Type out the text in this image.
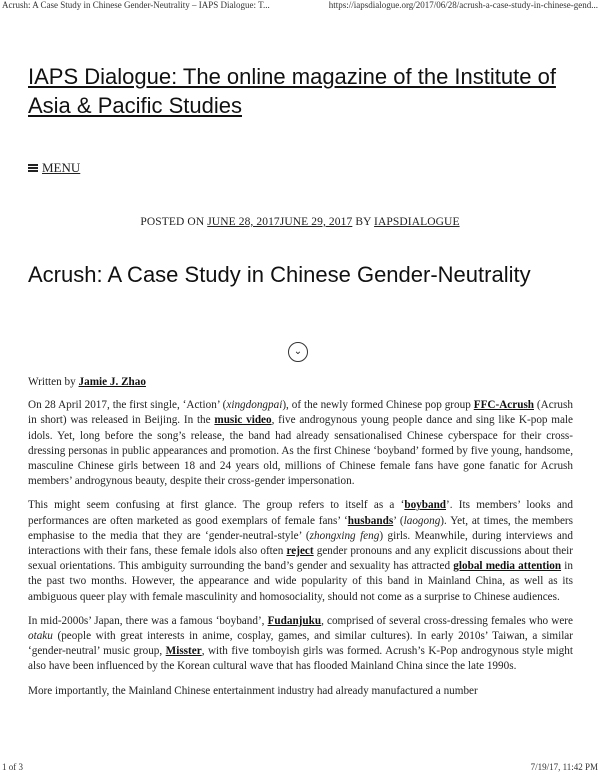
Acrush: A Case Study in Chinese Gender-Neutrality – IAPS Dialogue: T...	https://iapsdialogue.org/2017/06/28/acrush-a-case-study-in-chinese-gend...
IAPS Dialogue: The online magazine of the Institute of Asia & Pacific Studies
MENU
POSTED ON JUNE 28, 2017JUNE 29, 2017 BY IAPSDIALOGUE
Acrush: A Case Study in Chinese Gender-Neutrality
⌄

Written by Jamie J. Zhao

On 28 April 2017, the first single, ‘Action’ (xingdongpai), of the newly formed Chinese pop group FFC-Acrush (Acrush in short) was released in Beijing. In the music video, five androgynous young people dance and sing like K-pop male idols. Yet, long before the song’s release, the band had already sensationalised Chinese cyberspace for their cross-dressing personas in public appearances and promotion. As the first Chinese ‘boyband’ formed by five young, handsome, masculine Chinese girls between 18 and 24 years old, millions of Chinese female fans have gone fanatic for Acrush members’ androgynous beauty, despite their cross-gender impersonation.

This might seem confusing at first glance. The group refers to itself as a ‘boyband’. Its members’ looks and performances are often marketed as good exemplars of female fans’ ‘husbands’ (laogong). Yet, at times, the members emphasise to the media that they are ‘gender-neutral-style’ (zhongxing feng) girls. Meanwhile, during interviews and interactions with their fans, these female idols also often reject gender pronouns and any explicit discussions about their sexual orientations. This ambiguity surrounding the band’s gender and sexuality has attracted global media attention in the past two months. However, the appearance and wide popularity of this band in Mainland China, as well as its ambiguous queer play with female masculinity and homosociality, should not come as a surprise to Chinese audiences.

In mid-2000s’ Japan, there was a famous ‘boyband’, Fudanjuku, comprised of several cross-dressing females who were otaku (people with great interests in anime, cosplay, games, and similar cultures). In early 2010s’ Taiwan, a similar ‘gender-neutral’ music group, Misster, with five tomboyish girls was formed. Acrush’s K-Pop androgynous style might also have been influenced by the Korean cultural wave that has flooded Mainland China since the late 1990s.

More importantly, the Mainland Chinese entertainment industry had already manufactured a number

1 of 3	7/19/17, 11:42 PM
